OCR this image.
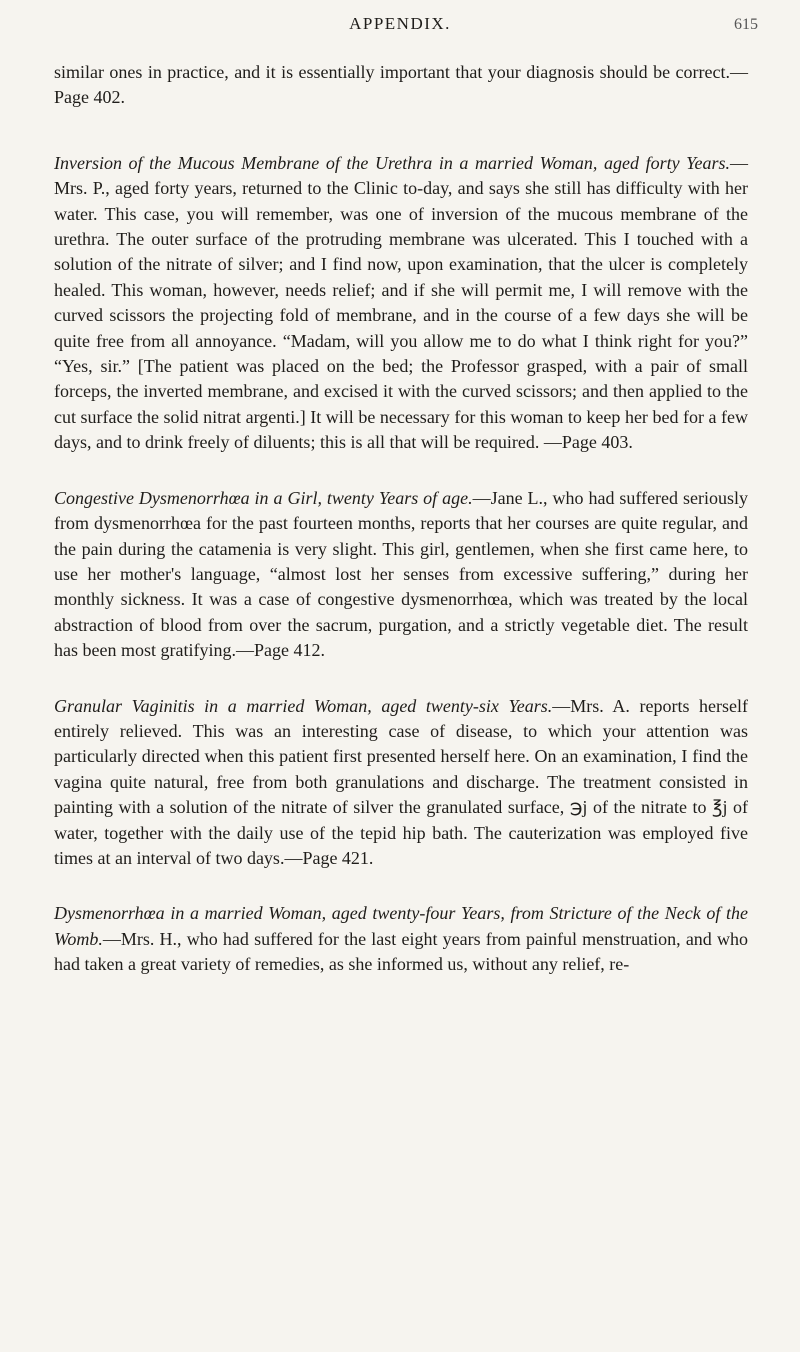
APPENDIX.	615

similar ones in practice, and it is essentially important that your diagnosis should be correct.—Page 402.

Inversion of the Mucous Membrane of the Urethra in a married Woman, aged forty Years.—Mrs. P., aged forty years, returned to the Clinic to-day, and says she still has difficulty with her water. This case, you will remember, was one of inversion of the mucous membrane of the urethra. The outer surface of the protruding membrane was ulcerated. This I touched with a solution of the nitrate of silver; and I find now, upon examination, that the ulcer is completely healed. This woman, however, needs relief; and if she will permit me, I will remove with the curved scissors the projecting fold of membrane, and in the course of a few days she will be quite free from all annoyance. “Madam, will you allow me to do what I think right for you?” “Yes, sir.” [The patient was placed on the bed; the Professor grasped, with a pair of small forceps, the inverted membrane, and excised it with the curved scissors; and then applied to the cut surface the solid nitrat argenti.] It will be necessary for this woman to keep her bed for a few days, and to drink freely of diluents; this is all that will be required. —Page 403.

Congestive Dysmenorrhœa in a Girl, twenty Years of age.—Jane L., who had suffered seriously from dysmenorrhœa for the past fourteen months, reports that her courses are quite regular, and the pain during the catamenia is very slight. This girl, gentlemen, when she first came here, to use her mother's language, “almost lost her senses from excessive suffering,” during her monthly sickness. It was a case of congestive dysmenorrhœa, which was treated by the local abstraction of blood from over the sacrum, purgation, and a strictly vegetable diet. The result has been most gratifying.—Page 412.

Granular Vaginitis in a married Woman, aged twenty-six Years.—Mrs. A. reports herself entirely relieved. This was an interesting case of disease, to which your attention was particularly directed when this patient first presented herself here. On an examination, I find the vagina quite natural, free from both granulations and discharge. The treatment consisted in painting with a solution of the nitrate of silver the granulated surface, ℈j of the nitrate to ℥j of water, together with the daily use of the tepid hip bath. The cauterization was employed five times at an interval of two days.—Page 421.

Dysmenorrhœa in a married Woman, aged twenty-four Years, from Stricture of the Neck of the Womb.—Mrs. H., who had suffered for the last eight years from painful menstruation, and who had taken a great variety of remedies, as she informed us, without any relief, re-
